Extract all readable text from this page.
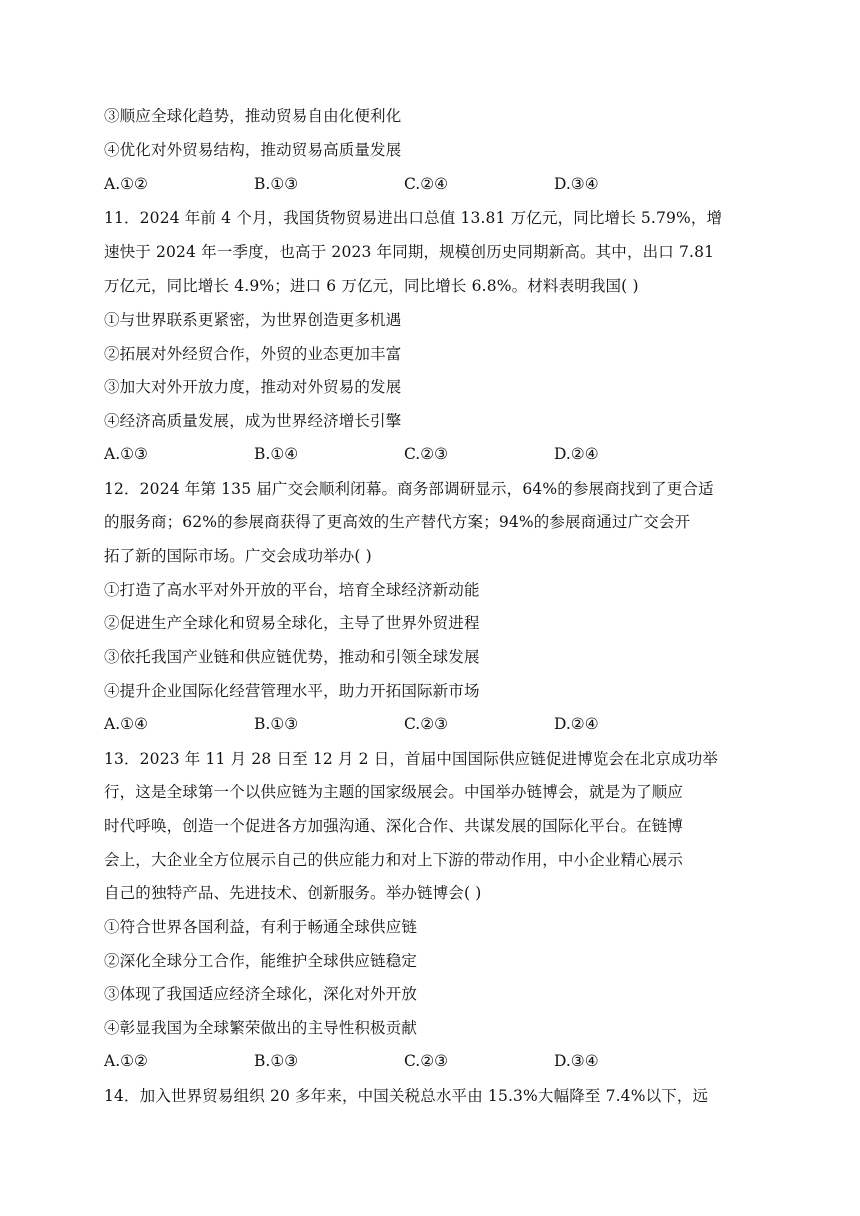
③顺应全球化趋势，推动贸易自由化便利化
④优化对外贸易结构，推动贸易高质量发展
A.①②	B.①③	C.②④	D.③④
11．2024 年前 4 个月，我国货物贸易进出口总值 13.81 万亿元，同比增长 5.79%，增
速快于 2024 年一季度，也高于 2023 年同期，规模创历史同期新高。其中，出口 7.81
万亿元，同比增长 4.9%；进口 6 万亿元，同比增长 6.8%。材料表明我国( )
①与世界联系更紧密，为世界创造更多机遇
②拓展对外经贸合作，外贸的业态更加丰富
③加大对外开放力度，推动对外贸易的发展
④经济高质量发展，成为世界经济增长引擎
A.①③	B.①④	C.②③	D.②④
12．2024 年第 135 届广交会顺利闭幕。商务部调研显示，64%的参展商找到了更合适
的服务商；62%的参展商获得了更高效的生产替代方案；94%的参展商通过广交会开
拓了新的国际市场。广交会成功举办( )
①打造了高水平对外开放的平台，培育全球经济新动能
②促进生产全球化和贸易全球化，主导了世界外贸进程
③依托我国产业链和供应链优势，推动和引领全球发展
④提升企业国际化经营管理水平，助力开拓国际新市场
A.①④	B.①③	C.②③	D.②④
13．2023 年 11 月 28 日至 12 月 2 日，首届中国国际供应链促进博览会在北京成功举
行，这是全球第一个以供应链为主题的国家级展会。中国举办链博会，就是为了顺应
时代呼唤，创造一个促进各方加强沟通、深化合作、共谋发展的国际化平台。在链博
会上，大企业全方位展示自己的供应能力和对上下游的带动作用，中小企业精心展示
自己的独特产品、先进技术、创新服务。举办链博会( )
①符合世界各国利益，有利于畅通全球供应链
②深化全球分工合作，能维护全球供应链稳定
③体现了我国适应经济全球化，深化对外开放
④彰显我国为全球繁荣做出的主导性积极贡献
A.①②	B.①③	C.②③	D.③④
14．加入世界贸易组织 20 多年来，中国关税总水平由 15.3%大幅降至 7.4%以下，远
